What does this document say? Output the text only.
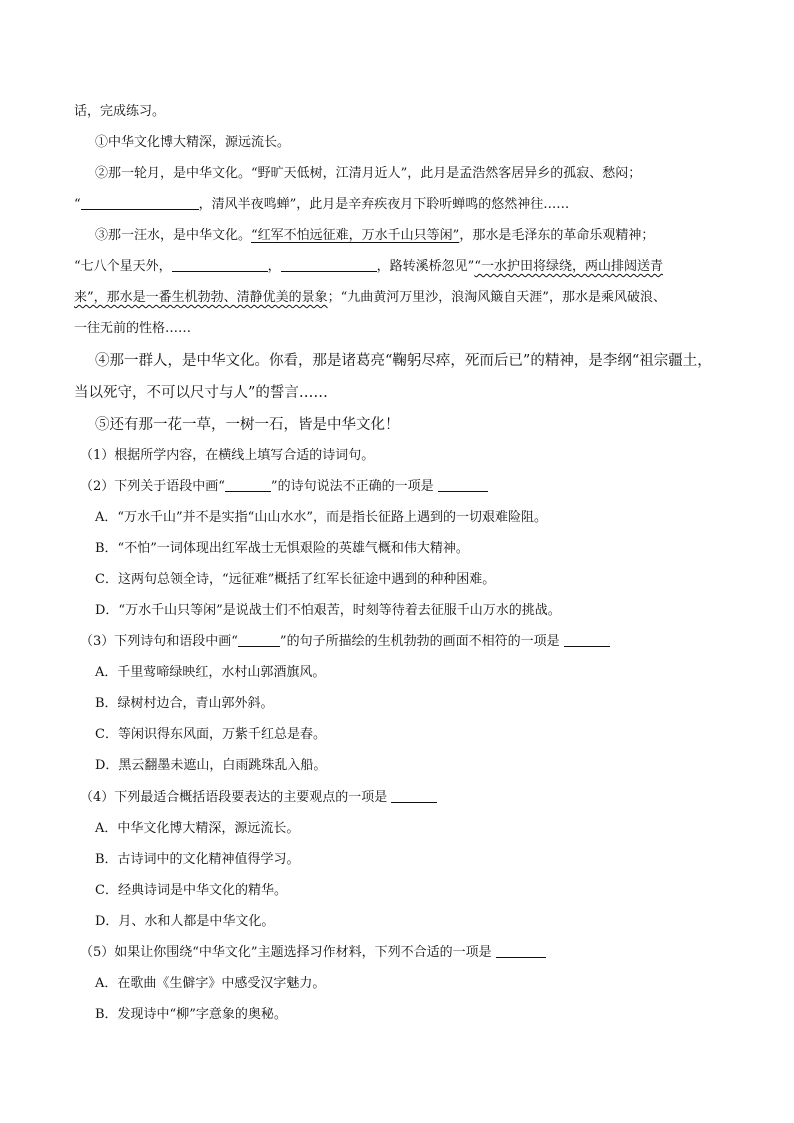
话，完成练习。
①中华文化博大精深，源远流长。
②那一轮月，是中华文化。“野旷天低树，江清月近人”，此月是孟浩然客居异乡的孤寂、愁闷；
“	，清风半夜鸣蝉”，此月是辛弃疾夜月下聆听蝉鸣的悠然神往……
③那一汪水，是中华文化。“红军不怕远征难，万水千山只等闲”，那水是毛泽东的革命乐观精神；
“七八个星天外，	，	，路转溪桥忽见”“一水护田将绿绕，两山排闼送青
来”，那水是一番生机勃勃、清静优美的景象；“九曲黄河万里沙，浪淘风簸自天涯”，那水是乘风破浪、
一往无前的性格……
④那一群人，是中华文化。你看，那是诸葛亮“鞠躬尽瘁，死而后已”的精神，是李纲“祖宗疆土，
当以死守，不可以尺寸与人”的誓言……
⑤还有那一花一草，一树一石，皆是中华文化！
（1）根据所学内容，在横线上填写合适的诗词句。
（2）下列关于语段中画“	”的诗句说法不正确的一项是
A．“万水千山”并不是实指“山山水水”，而是指长征路上遇到的一切艰难险阻。
B．“不怕”一词体现出红军战士无惧艰险的英雄气概和伟大精神。
C．这两句总领全诗，“远征难”概括了红军长征途中遇到的种种困难。
D．“万水千山只等闲”是说战士们不怕艰苦，时刻等待着去征服千山万水的挑战。
（3）下列诗句和语段中画“	”的句子所描绘的生机勃勃的画面不相符的一项是
A．千里莺啼绿映红，水村山郭酒旗风。
B．绿树村边合，青山郭外斜。
C．等闲识得东风面，万紫千红总是春。
D．黑云翻墨未遮山，白雨跳珠乱入船。
（4）下列最适合概括语段要表达的主要观点的一项是
A．中华文化博大精深，源远流长。
B．古诗词中的文化精神值得学习。
C．经典诗词是中华文化的精华。
D．月、水和人都是中华文化。
（5）如果让你围绕“中华文化”主题选择习作材料，下列不合适的一项是
A．在歌曲《生僻字》中感受汉字魅力。
B．发现诗中“柳”字意象的奥秘。
